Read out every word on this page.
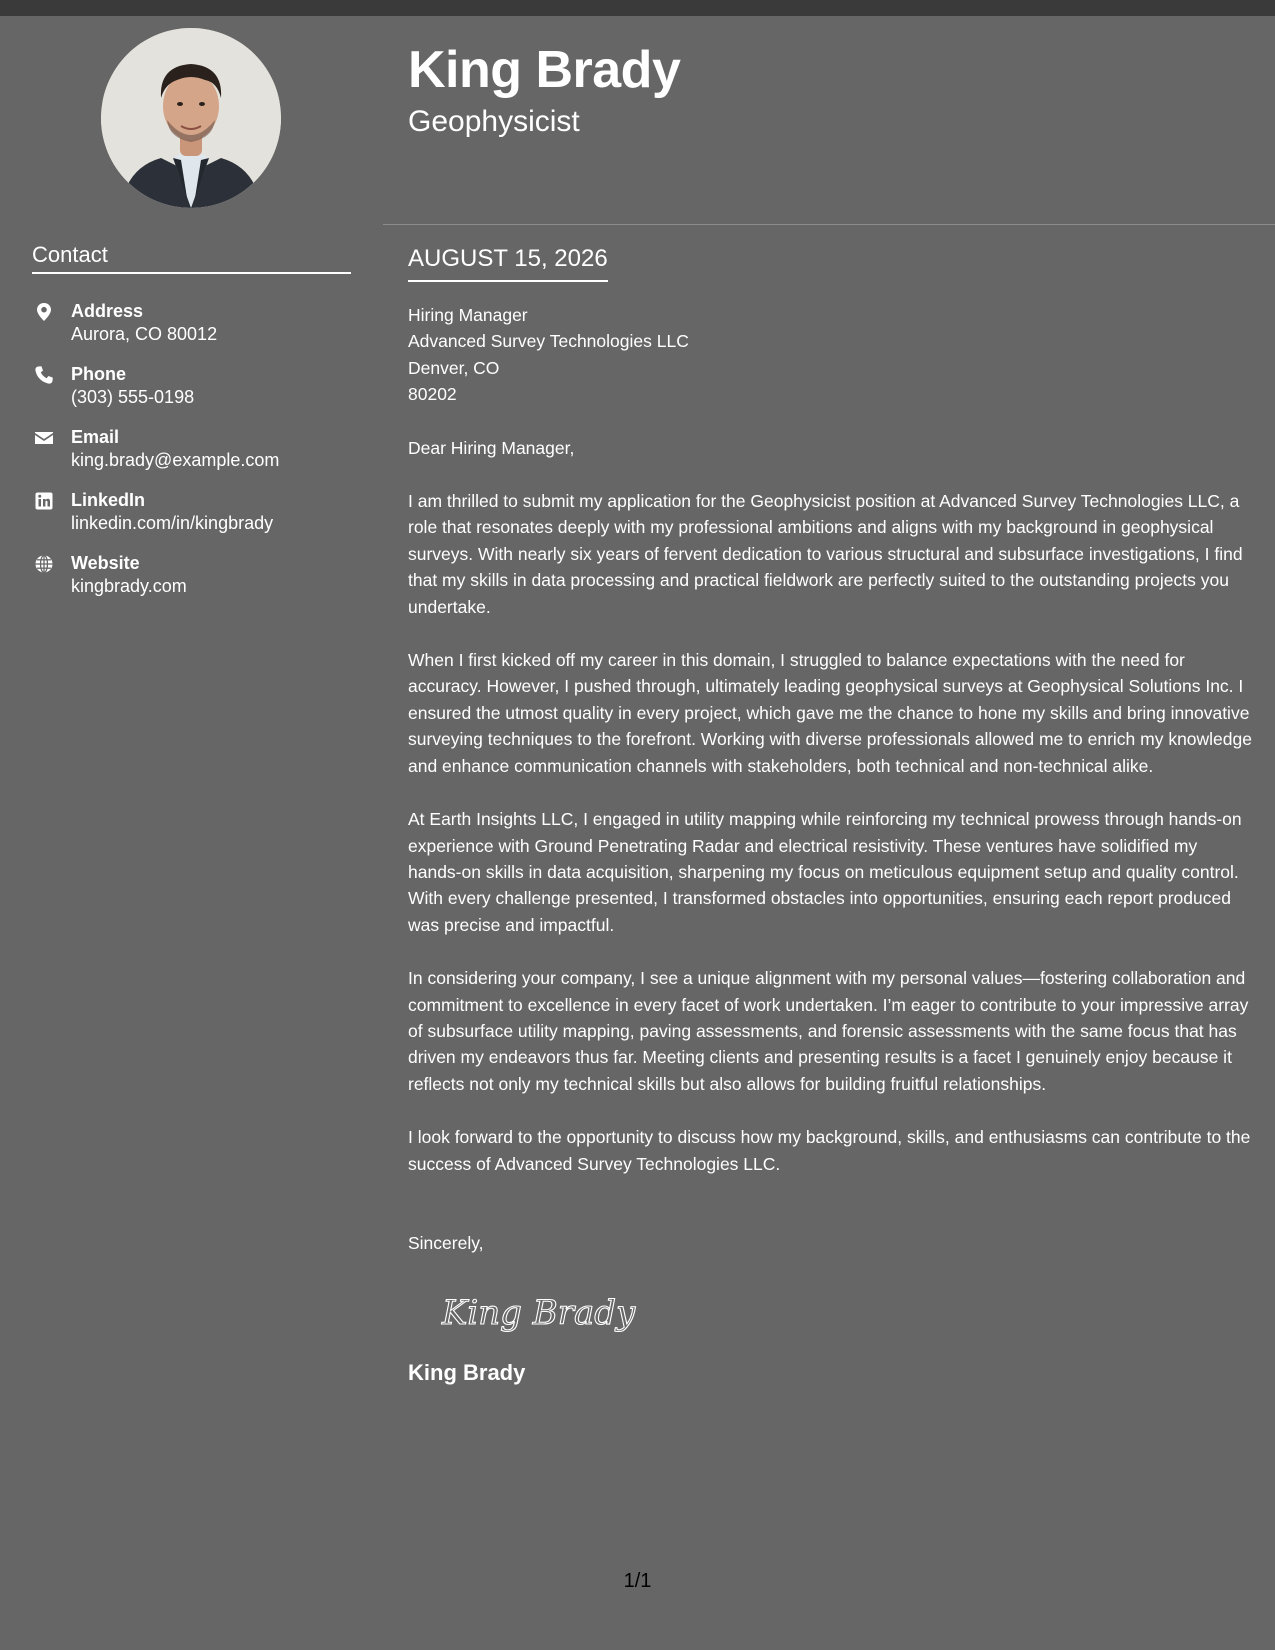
Contact
Address
Aurora, CO 80012
Phone
(303) 555-0198
Email
king.brady@example.com
LinkedIn
linkedin.com/in/kingbrady
Website
kingbrady.com
King Brady
Geophysicist
AUGUST 15, 2026
Hiring Manager
Advanced Survey Technologies LLC
Denver, CO
80202
Dear Hiring Manager,

I am thrilled to submit my application for the Geophysicist position at Advanced Survey Technologies LLC, a role that resonates deeply with my professional ambitions and aligns with my background in geophysical surveys. With nearly six years of fervent dedication to various structural and subsurface investigations, I find that my skills in data processing and practical fieldwork are perfectly suited to the outstanding projects you undertake.

When I first kicked off my career in this domain, I struggled to balance expectations with the need for accuracy. However, I pushed through, ultimately leading geophysical surveys at Geophysical Solutions Inc. I ensured the utmost quality in every project, which gave me the chance to hone my skills and bring innovative surveying techniques to the forefront. Working with diverse professionals allowed me to enrich my knowledge and enhance communication channels with stakeholders, both technical and non-technical alike.

At Earth Insights LLC, I engaged in utility mapping while reinforcing my technical prowess through hands-on experience with Ground Penetrating Radar and electrical resistivity. These ventures have solidified my hands-on skills in data acquisition, sharpening my focus on meticulous equipment setup and quality control. With every challenge presented, I transformed obstacles into opportunities, ensuring each report produced was precise and impactful.

In considering your company, I see a unique alignment with my personal values—fostering collaboration and commitment to excellence in every facet of work undertaken. I’m eager to contribute to your impressive array of subsurface utility mapping, paving assessments, and forensic assessments with the same focus that has driven my endeavors thus far. Meeting clients and presenting results is a facet I genuinely enjoy because it reflects not only my technical skills but also allows for building fruitful relationships.

I look forward to the opportunity to discuss how my background, skills, and enthusiasms can contribute to the success of Advanced Survey Technologies LLC.

Sincerely,
King Brady
King Brady
1/1
